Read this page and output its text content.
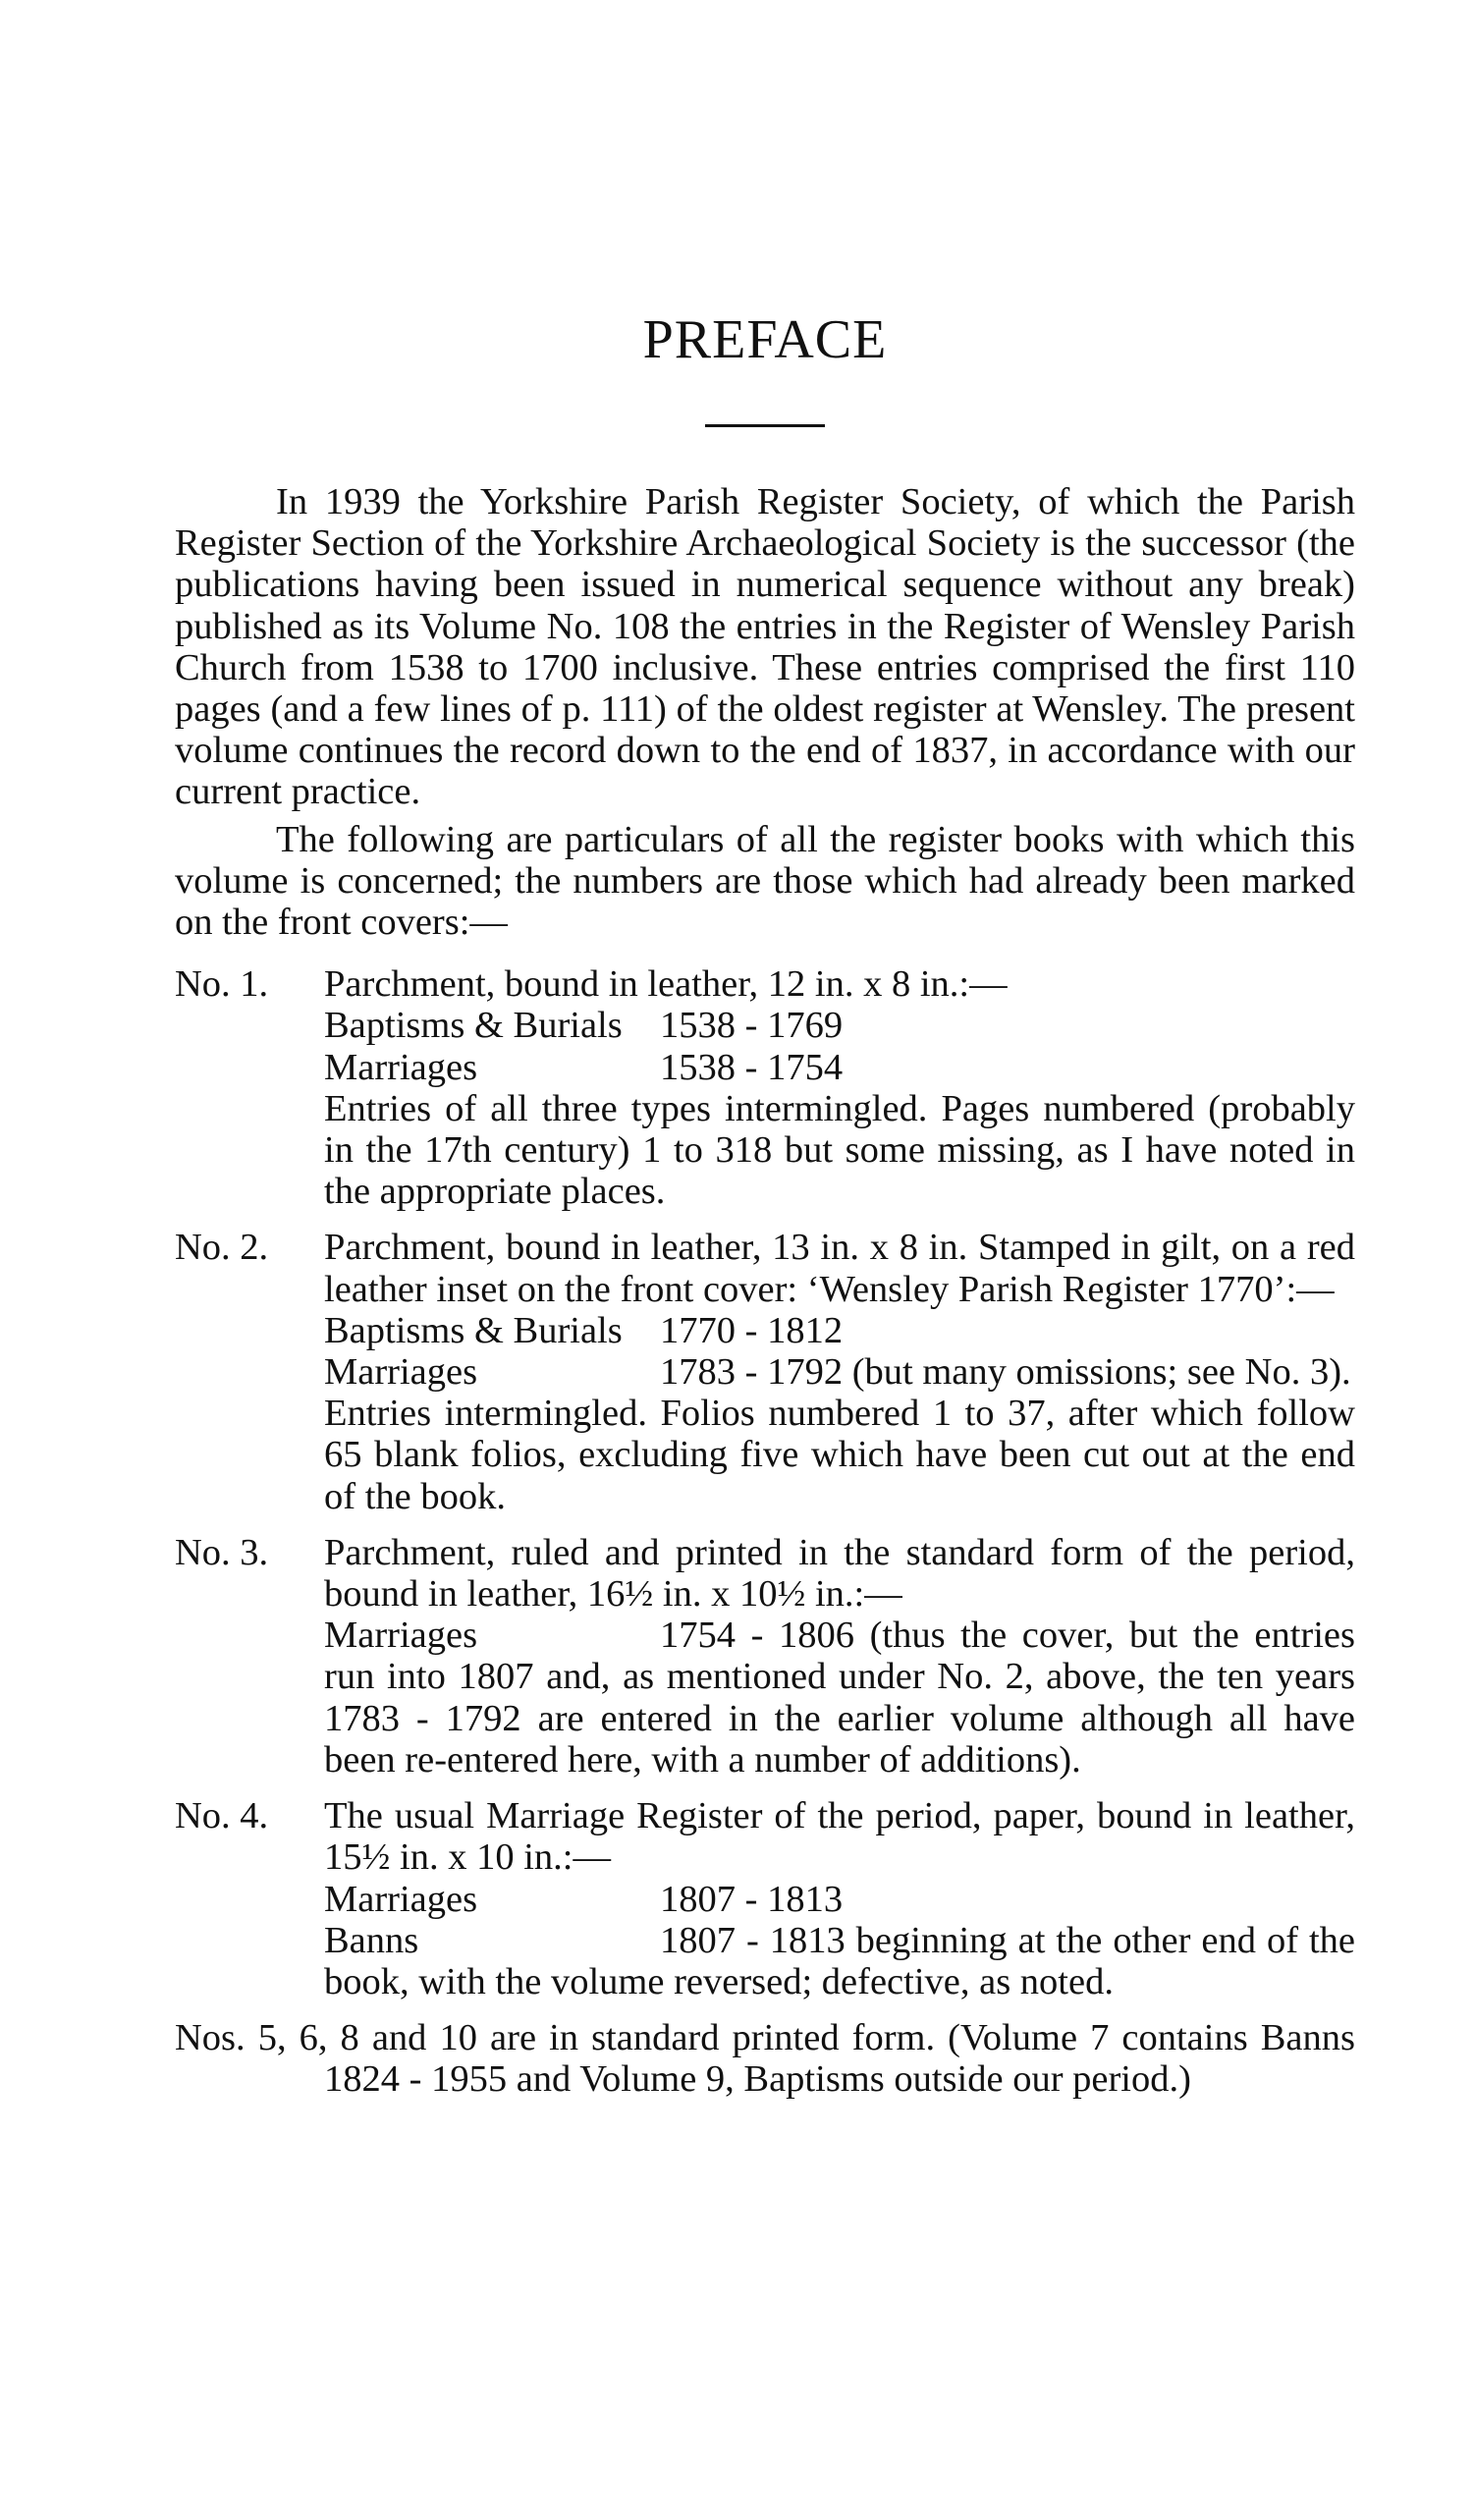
PREFACE

In 1939 the Yorkshire Parish Register Society, of which the Parish Register Section of the Yorkshire Archaeological Society is the successor (the publications having been issued in numerical sequence without any break) published as its Volume No. 108 the entries in the Register of Wensley Parish Church from 1538 to 1700 inclusive. These entries comprised the first 110 pages (and a few lines of p. 111) of the oldest register at Wensley. The present volume continues the record down to the end of 1837, in accordance with our current practice.

The following are particulars of all the register books with which this volume is concerned; the numbers are those which had already been marked on the front covers:—

No. 1. Parchment, bound in leather, 12 in. x 8 in.:—
Baptisms & Burials 1538 - 1769
Marriages	1538 - 1754
Entries of all three types intermingled. Pages numbered (probably in the 17th century) 1 to 318 but some missing, as I have noted in the appropriate places.
No. 2. Parchment, bound in leather, 13 in. x 8 in. Stamped in gilt, on a red leather inset on the front cover: ‘Wensley Parish Register 1770’:—
Baptisms & Burials 1770 - 1812
Marriages	1783 - 1792 (but many omissions; see No. 3).
Entries intermingled. Folios numbered 1 to 37, after which follow 65 blank folios, excluding five which have been cut out at the end of the book.
No. 3. Parchment, ruled and printed in the standard form of the period, bound in leather, 16½ in. x 10½ in.:—
Marriages	1754 - 1806 (thus the cover, but the entries run into 1807 and, as mentioned under No. 2, above, the ten years 1783 - 1792 are entered in the earlier volume although all have been re-entered here, with a number of additions).
No. 4. The usual Marriage Register of the period, paper, bound in leather, 15½ in. x 10 in.:—
Marriages	1807 - 1813
Banns	1807 - 1813 beginning at the other end of the book, with the volume reversed; defective, as noted.
Nos. 5, 6, 8 and 10 are in standard printed form. (Volume 7 contains Banns 1824 - 1955 and Volume 9, Baptisms outside our period.)
